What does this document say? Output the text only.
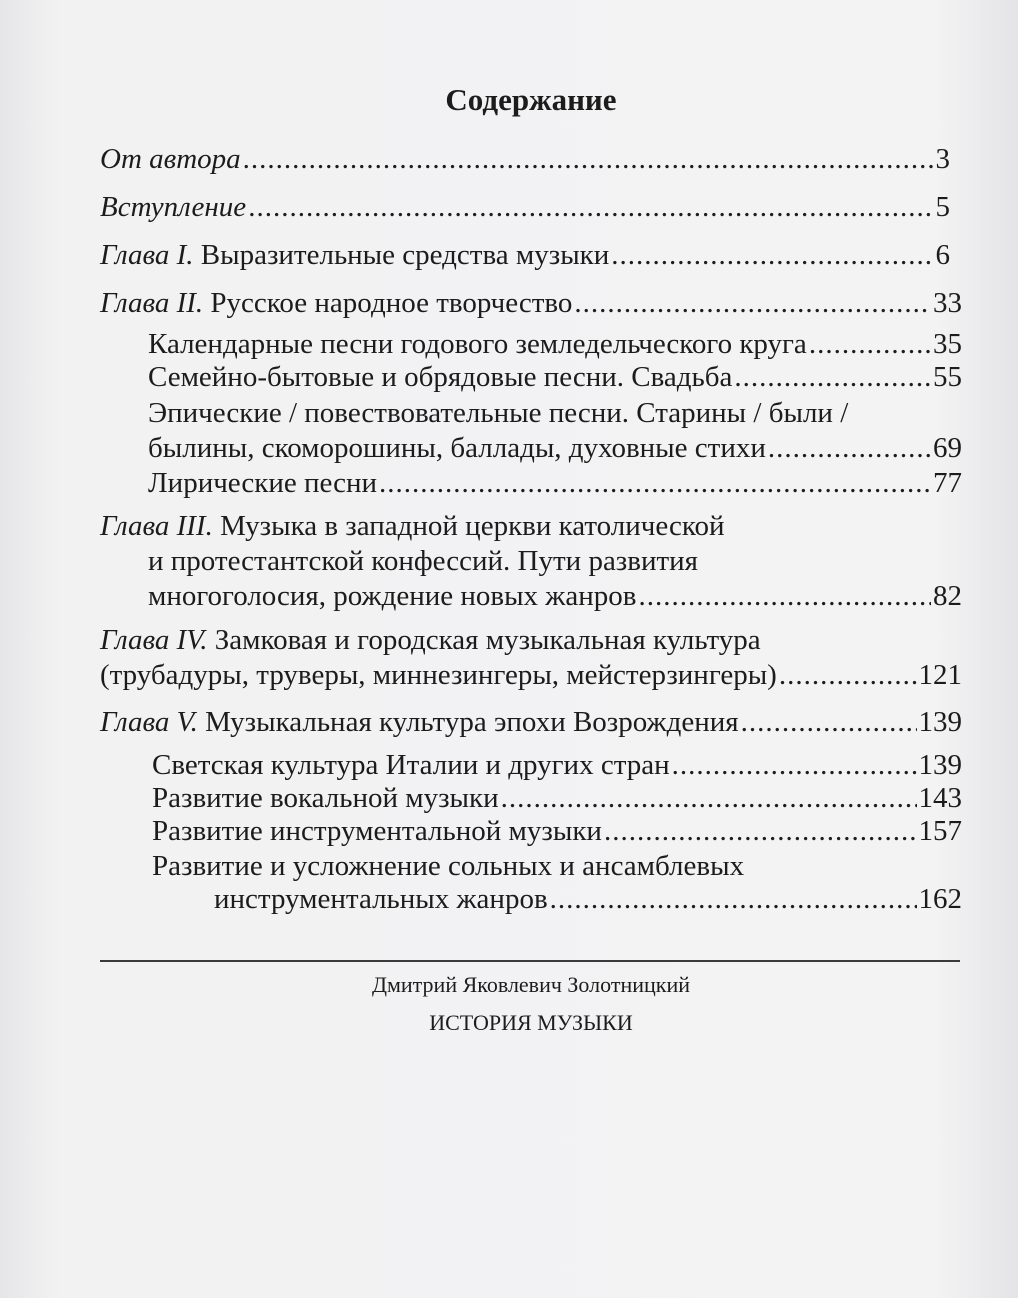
Содержание
От автора .....	3
Вступление .....	5
Глава I. Выразительные средства музыки .....	6
Глава II. Русское народное творчество .....	33
Календарные песни годового земледельческого круга .....	35
Семейно-бытовые и обрядовые песни. Свадьба .....	55
Эпические / повествовательные песни. Старины / были /
былины, скоморошины, баллады, духовные стихи .....	69
Лирические песни .....	77
Глава III. Музыка в западной церкви католической
и протестантской конфессий. Пути развития
многоголосия, рождение новых жанров .....	82
Глава IV. Замковая и городская музыкальная культура
(трубадуры, труверы, миннезингеры, мейстерзингеры) .....	121
Глава V. Музыкальная культура эпохи Возрождения .....	139
Светская культура Италии и других стран .....	139
Развитие вокальной музыки .....	143
Развитие инструментальной музыки .....	157
Развитие и усложнение сольных и ансамблевых
инструментальных жанров .....	162
Дмитрий Яковлевич Золотницкий
ИСТОРИЯ МУЗЫКИ
